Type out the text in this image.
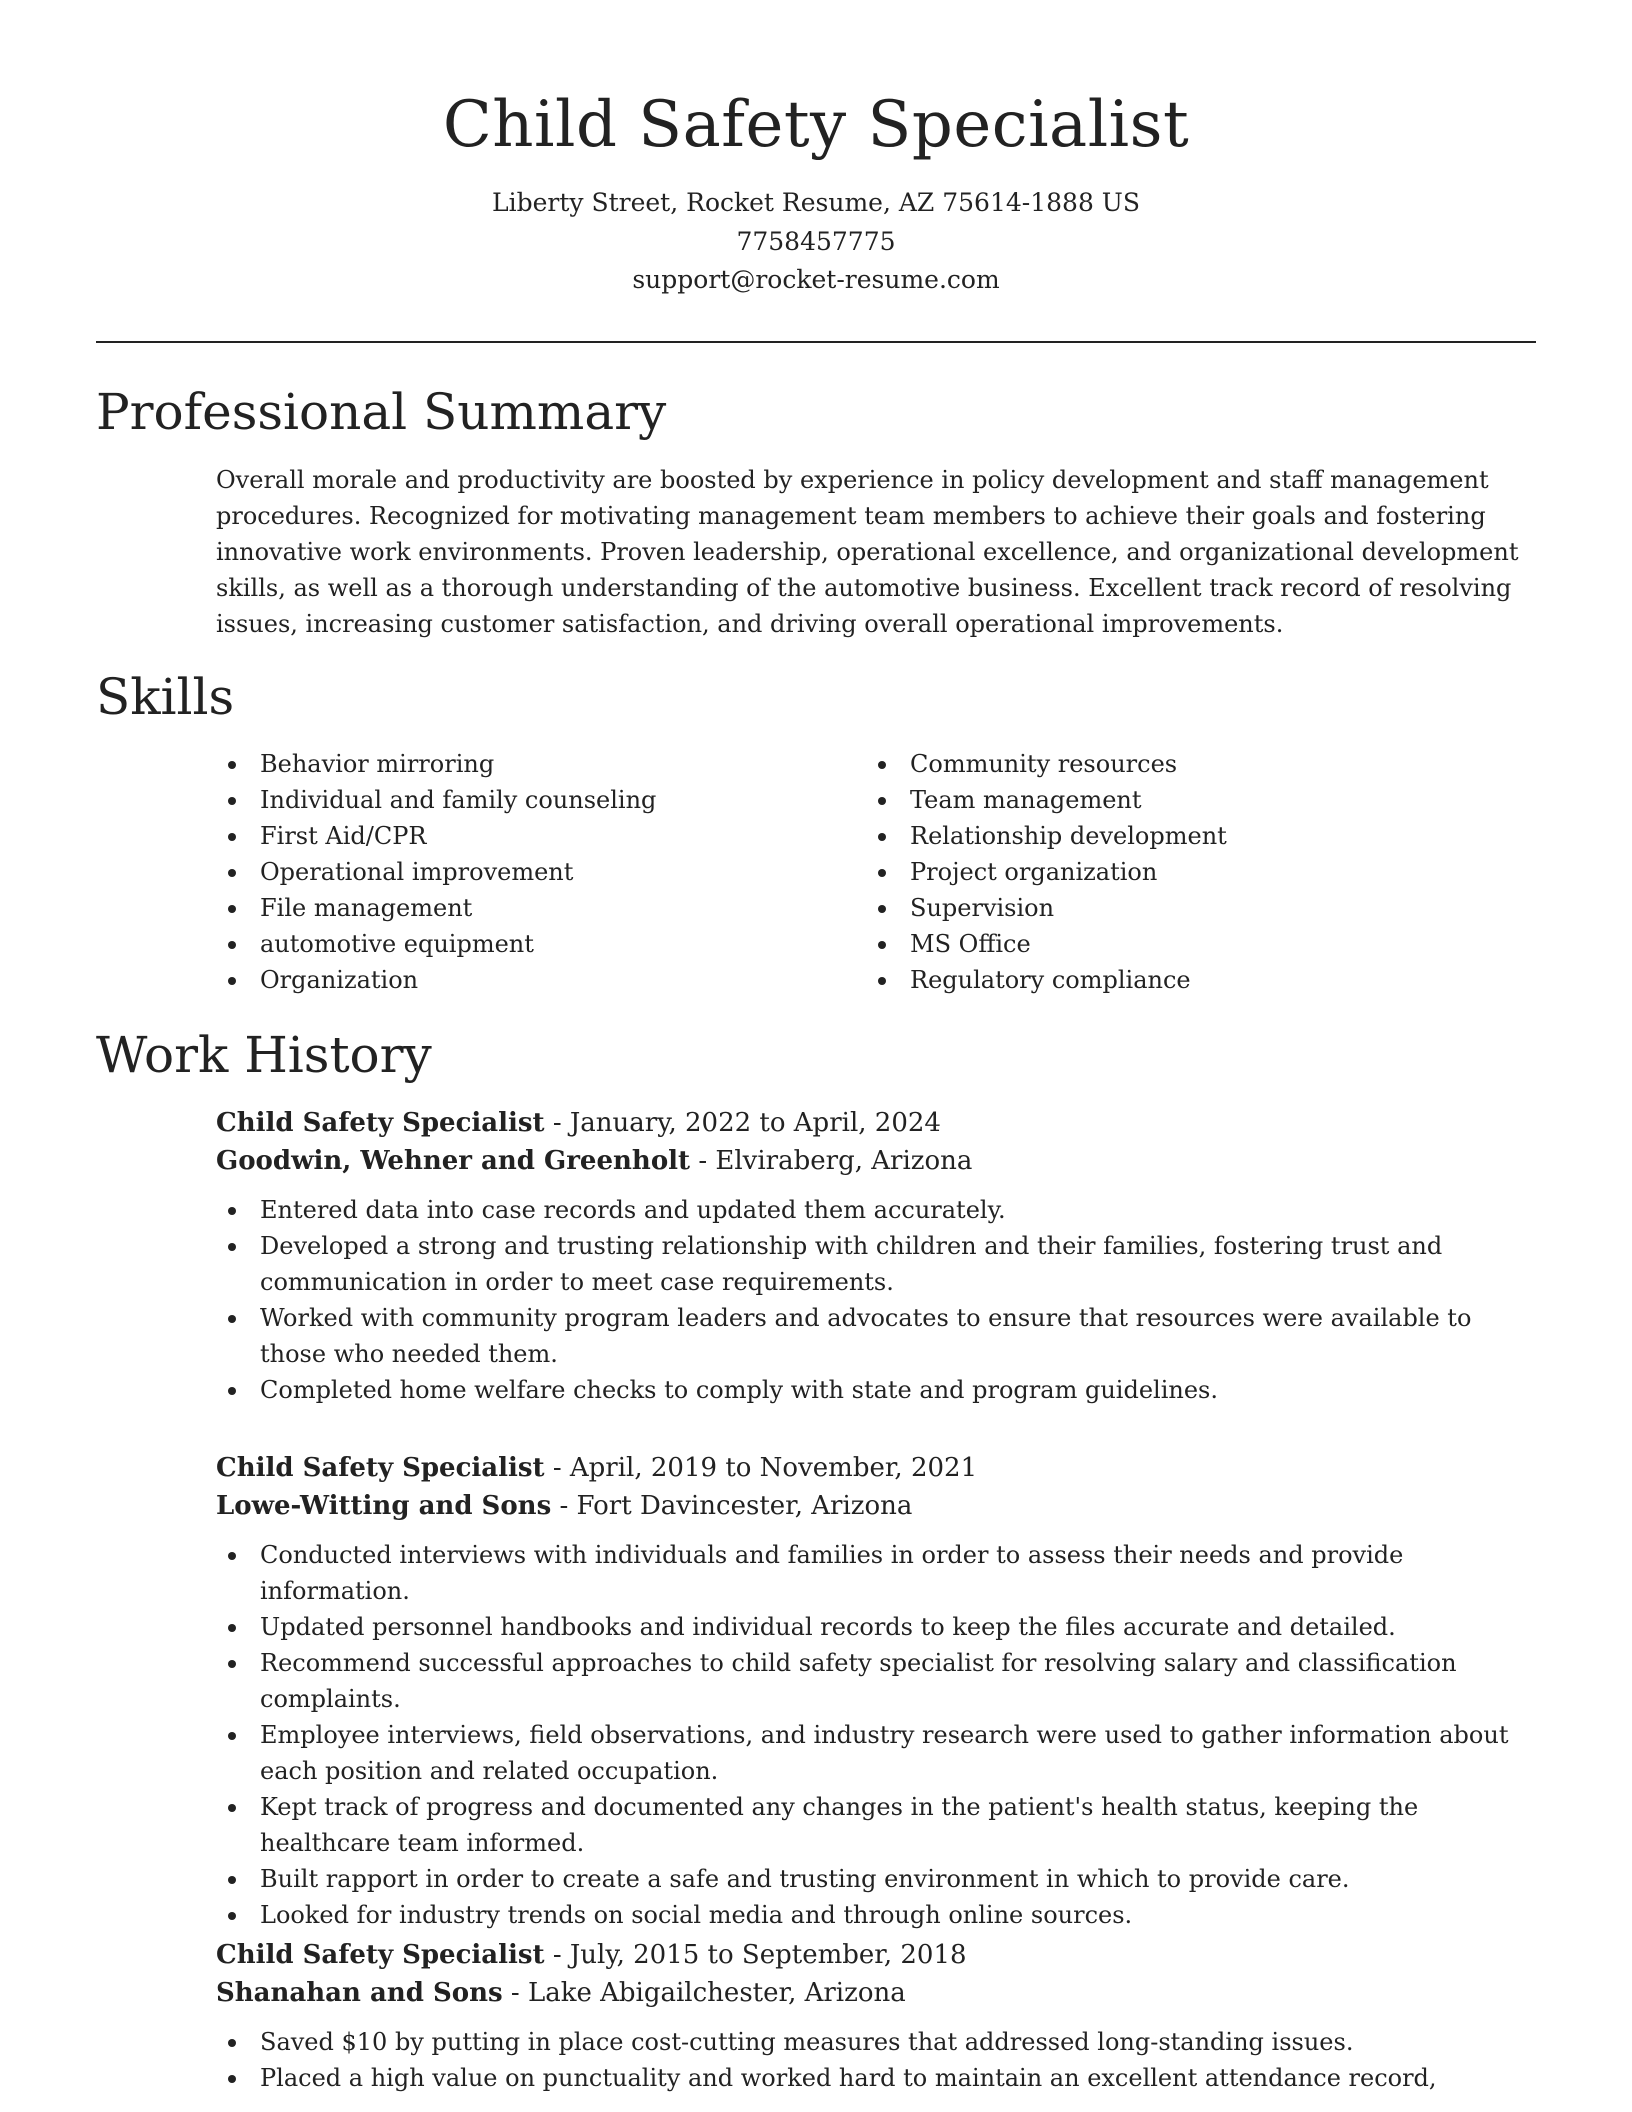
Child Safety Specialist
Liberty Street, Rocket Resume, AZ 75614-1888 US
7758457775
support@rocket-resume.com
Professional Summary

Overall morale and productivity are boosted by experience in policy development and staff management procedures. Recognized for motivating management team members to achieve their goals and fostering innovative work environments. Proven leadership, operational excellence, and organizational development skills, as well as a thorough understanding of the automotive business. Excellent track record of resolving issues, increasing customer satisfaction, and driving overall operational improvements.

Skills
Behavior mirroring
Individual and family counseling
First Aid/CPR
Operational improvement
File management
automotive equipment
Organization
Community resources
Team management
Relationship development
Project organization
Supervision
MS Office
Regulatory compliance
Work History
Child Safety Specialist - January, 2022 to April, 2024
Goodwin, Wehner and Greenholt - Elviraberg, Arizona
Entered data into case records and updated them accurately.
Developed a strong and trusting relationship with children and their families, fostering trust and communication in order to meet case requirements.
Worked with community program leaders and advocates to ensure that resources were available to those who needed them.
Completed home welfare checks to comply with state and program guidelines.
Child Safety Specialist - April, 2019 to November, 2021
Lowe-Witting and Sons - Fort Davincester, Arizona
Conducted interviews with individuals and families in order to assess their needs and provide information.
Updated personnel handbooks and individual records to keep the files accurate and detailed.
Recommend successful approaches to child safety specialist for resolving salary and classification complaints.
Employee interviews, field observations, and industry research were used to gather information about each position and related occupation.
Kept track of progress and documented any changes in the patient's health status, keeping the healthcare team informed.
Built rapport in order to create a safe and trusting environment in which to provide care.
Looked for industry trends on social media and through online sources.
Child Safety Specialist - July, 2015 to September, 2018
Shanahan and Sons - Lake Abigailchester, Arizona
Saved $10 by putting in place cost-cutting measures that addressed long-standing issues.
Placed a high value on punctuality and worked hard to maintain an excellent attendance record,
